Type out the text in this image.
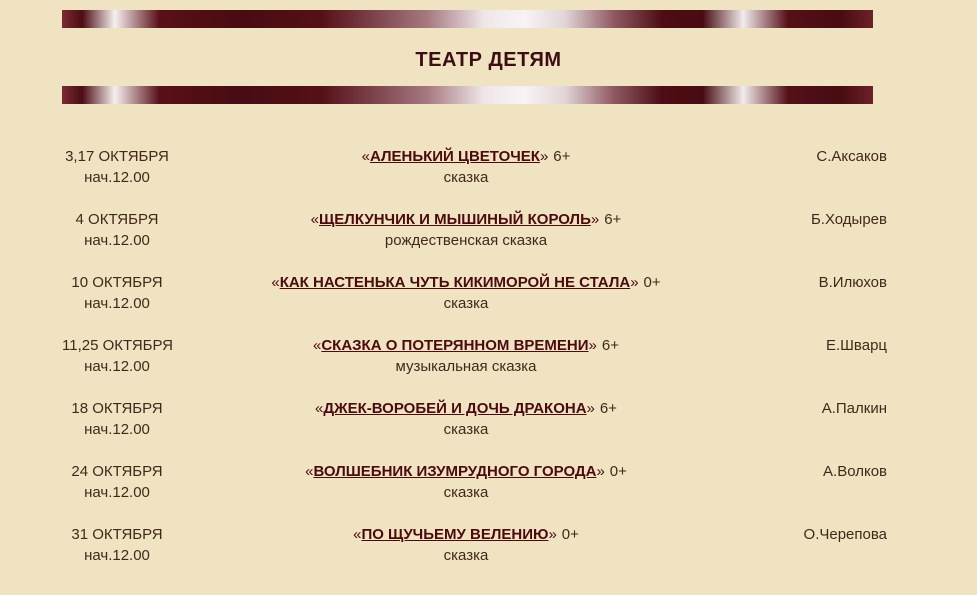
ТЕАТР ДЕТЯМ
3,17 ОКТЯБРЯ
нач.12.00
«АЛЕНЬКИЙ ЦВЕТОЧЕК» 6+
сказка
С.Аксаков
4 ОКТЯБРЯ
нач.12.00
«ЩЕЛКУНЧИК И МЫШИНЫЙ КОРОЛЬ» 6+
рождественская сказка
Б.Ходырев
10 ОКТЯБРЯ
нач.12.00
«КАК НАСТЕНЬКА ЧУТЬ КИКИМОРОЙ НЕ СТАЛА» 0+
сказка
В.Илюхов
11,25 ОКТЯБРЯ
нач.12.00
«СКАЗКА О ПОТЕРЯННОМ ВРЕМЕНИ» 6+
музыкальная сказка
Е.Шварц
18 ОКТЯБРЯ
нач.12.00
«ДЖЕК-ВОРОБЕЙ И ДОЧЬ ДРАКОНА» 6+
сказка
А.Палкин
24 ОКТЯБРЯ
нач.12.00
«ВОЛШЕБНИК ИЗУМРУДНОГО ГОРОДА» 0+
сказка
А.Волков
31 ОКТЯБРЯ
нач.12.00
«ПО ЩУЧЬЕМУ ВЕЛЕНИЮ» 0+
сказка
О.Черепова
